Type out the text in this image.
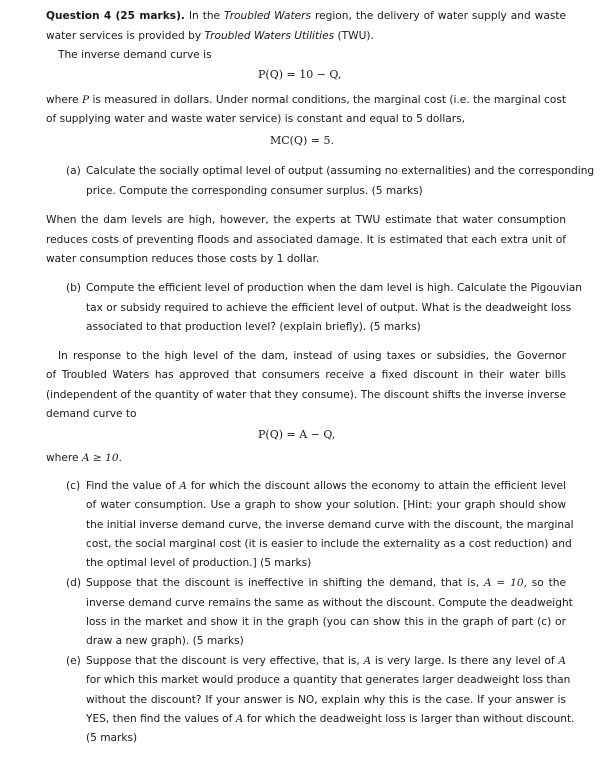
Question 4 (25 marks). In the Troubled Waters region, the delivery of water supply and waste
water services is provided by Troubled Waters Utilities (TWU).
The inverse demand curve is
P(Q) = 10 − Q,
where P is measured in dollars. Under normal conditions, the marginal cost (i.e. the marginal cost
of supplying water and waste water service) is constant and equal to 5 dollars,
MC(Q) = 5.
(a) Calculate the socially optimal level of output (assuming no externalities) and the corresponding
price. Compute the corresponding consumer surplus. (5 marks)
When the dam levels are high, however, the experts at TWU estimate that water consumption
reduces costs of preventing floods and associated damage. It is estimated that each extra unit of
water consumption reduces those costs by 1 dollar.
(b) Compute the efficient level of production when the dam level is high. Calculate the Pigouvian
tax or subsidy required to achieve the efficient level of output. What is the deadweight loss
associated to that production level? (explain briefly). (5 marks)
In response to the high level of the dam, instead of using taxes or subsidies, the Governor
of Troubled Waters has approved that consumers receive a fixed discount in their water bills
(independent of the quantity of water that they consume). The discount shifts the inverse inverse
demand curve to
P(Q) = A − Q,
where A ≥ 10.
(c) Find the value of A for which the discount allows the economy to attain the efficient level
of water consumption. Use a graph to show your solution. [Hint: your graph should show
the initial inverse demand curve, the inverse demand curve with the discount, the marginal
cost, the social marginal cost (it is easier to include the externality as a cost reduction) and
the optimal level of production.] (5 marks)
(d) Suppose that the discount is ineffective in shifting the demand, that is, A = 10, so the
inverse demand curve remains the same as without the discount. Compute the deadweight
loss in the market and show it in the graph (you can show this in the graph of part (c) or
draw a new graph). (5 marks)
(e) Suppose that the discount is very effective, that is, A is very large. Is there any level of A
for which this market would produce a quantity that generates larger deadweight loss than
without the discount? If your answer is NO, explain why this is the case. If your answer is
YES, then find the values of A for which the deadweight loss is larger than without discount.
(5 marks)
